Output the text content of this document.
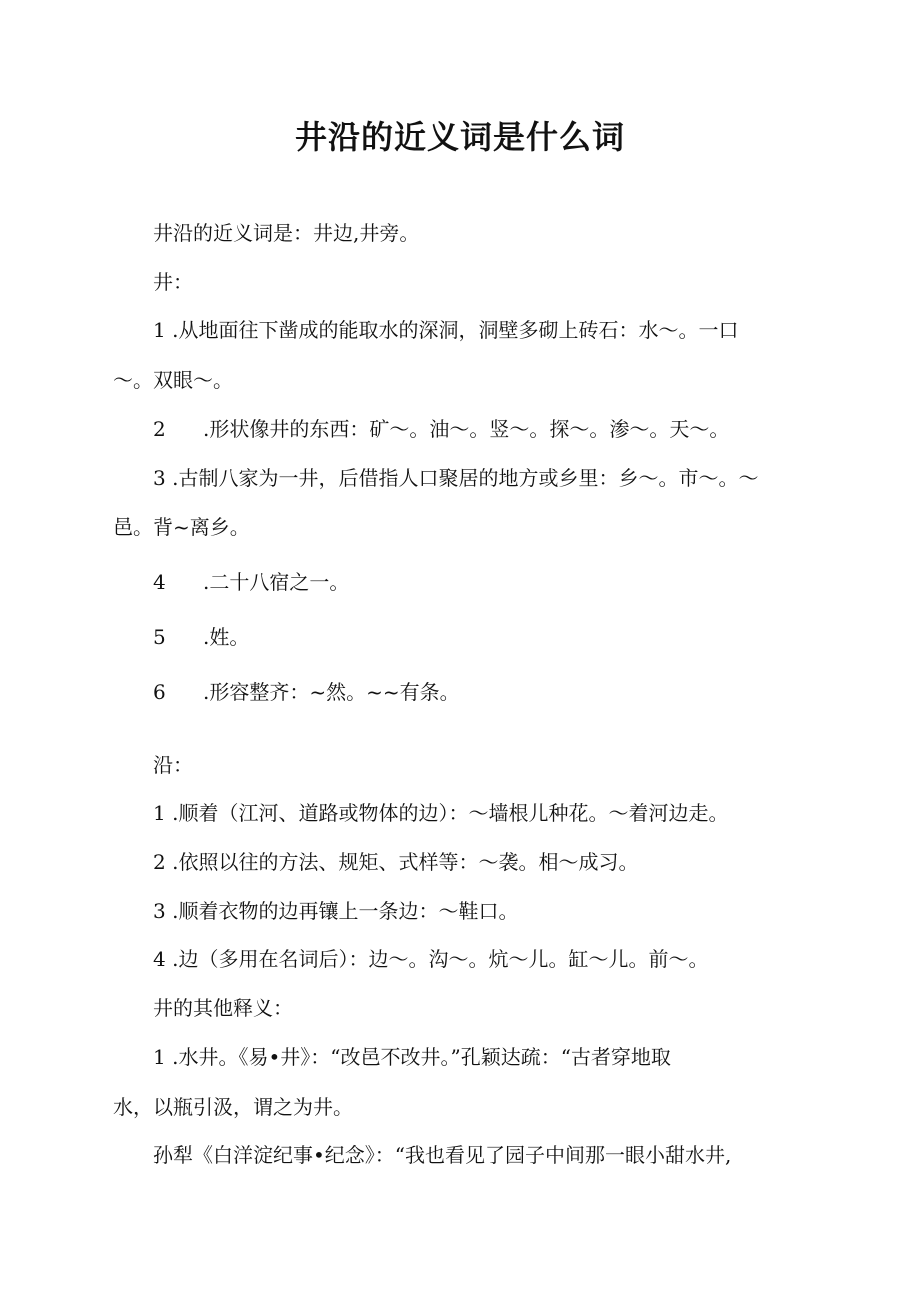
井沿的近义词是什么词

井沿的近义词是：井边,井旁。

井：

1 .从地面往下凿成的能取水的深洞，洞壁多砌上砖石：水～。一口

～。双眼～。

2 .形状像井的东西：矿～。油～。竖～。探～。渗～。天～。

3 .古制八家为一井，后借指人口聚居的地方或乡里：乡～。市～。～

邑。背~离乡。

4 .二十八宿之一。

5 .姓。

6 .形容整齐：~然。~~有条。

沿：

1 .顺着（江河、道路或物体的边）：～墙根儿种花。～着河边走。

2 .依照以往的方法、规矩、式样等：～袭。相～成习。

3 .顺着衣物的边再镶上一条边：～鞋口。

4 .边（多用在名词后）：边～。沟～。炕～儿。缸～儿。前～。

井的其他释义：

1 .水井。《易•井》：“改邑不改井。”孔颖达疏：“古者穿地取

水，以瓶引汲，谓之为井。

孙犁《白洋淀纪事•纪念》：“我也看见了园子中间那一眼小甜水井,
